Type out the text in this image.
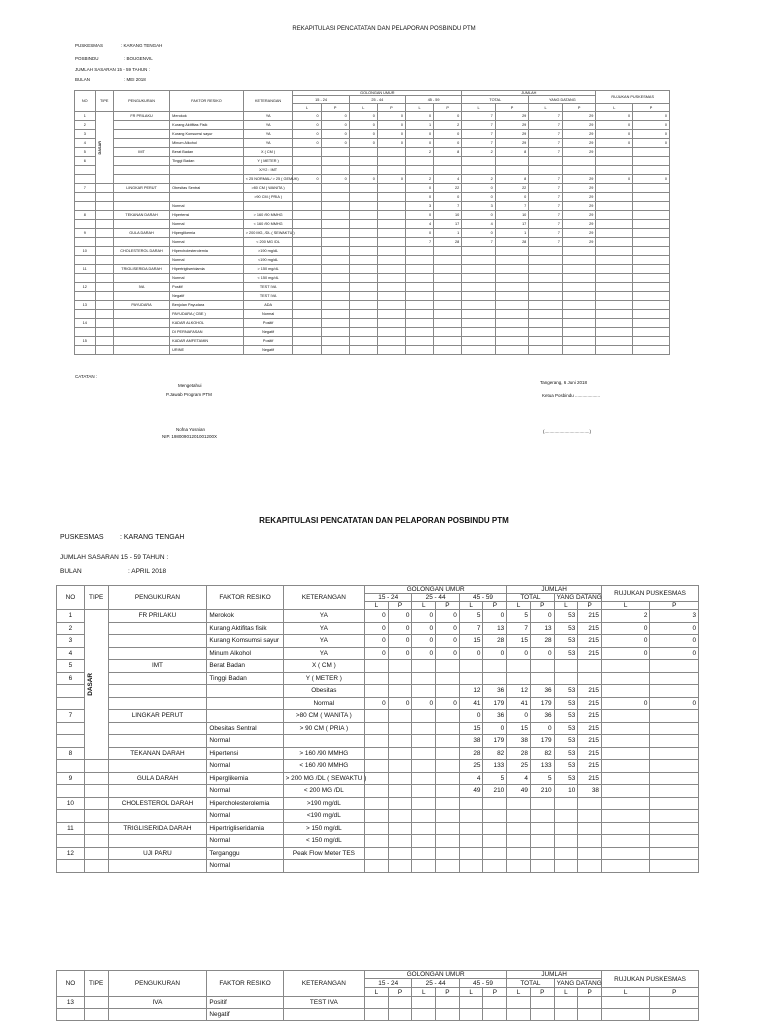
REKAPITULASI PENCATATAN DAN PELAPORAN POSBINDU PTM
PUSKESMAS	: KARANG TENGAH
POSBINDU	: BOUGENVIL
JUMLAH SASARAN 15 - 59 TAHUN :
BULAN	: MEI 2018
NO	TIPE	PENGUKURAN	FAKTOR RESIKO	KETERANGAN	GOLONGAN UMUR						JUMLAH				RUJUKAN PUSKESMAS	
					15 - 24		25 - 44		45 - 59		TOTAL		YANG DATANG			
					L	P	L	P	L	P	L	P	L	P	L	P
1	DASAR	FR PRILAKU	Merokok	YA	0	0	0	0	0	0	7	29	7	29	0	0
2			Kurang Aktifitas Fisik	YA	0	0	0	0	1	2	7	29	7	29	0	0
3			Kurang Konsumsi sayur	YA	0	0	0	0	0	0	7	29	7	29	0	0
4			Minum Alkohol	YA	0	0	0	0	0	0	7	29	7	29	0	0
5		IMT	Berat Badan	X ( CM )					2	8	2	8	7	29		
6			Tinggi Badan	Y ( METER )												
				X/Y2 : IMT												
				< 25 NORMAL/ > 25 ( GEMUK)	0	0	0	0	2	4	2	8	7	29	0	0
7		LINGKAR PERUT	Obesitas Sentral	>80 CM ( WANITA )					0	22	0	22	7	29		
				>90 CM ( PRIA )					0	0	0	0	7	29		
			Normal						3	7	3	7	7	29		
8		TEKANAN DARAH	Hipertensi	> 160 /90 MMHG					0	10	0	10	7	29		
			Normal	< 160 /90 MMHG					4	17	4	17	7	29		
9		GULA DARAH	Hiperglikemia	> 200 MG, /DL ( SEWAKTU )					0	1	0	1	7	29		
			Normal	< 200 MG /DL					7	28	7	28	7	29		
10		CHOLESTEROL DARAH	Hipercholesterolemia	>190 mg/dL												
			Normal	<190 mg/dL												
11		TRIGLISERIDA DARAH	Hipertrigliseridamia	> 150 mg/dL												
			Normal	< 150 mg/dL												
12		IVA	Positif	TEST IVA												
			Negatif	TEST IVA												
13		PAYUDARA	Benjolan Payudara	ADA												
			PAYUDARA ( CBE )	Normal												
14			KADAR ALKOHOL	Positif												
			DI PERNAFASAN	Negatif												
15			KADAR AMFETAMIN	Positif												
			URINE	Negatif												
CATATAN :
Mengetahui
P.Jawab Program PTM
Nofna Yosnian
NIP. 19800901201001200X
Tangerang, 6 Juni 2018
Ketua Posbindu ....................
(....................................)
REKAPITULASI PENCATATAN DAN PELAPORAN POSBINDU PTM
PUSKESMAS : KARANG TENGAH
JUMLAH SASARAN 15 - 59 TAHUN :
BULAN	: APRIL 2018
NO	TIPE	PENGUKURAN	FAKTOR RESIKO	KETERANGAN	GOLONGAN UMUR						JUMLAH				RUJUKAN PUSKESMAS	
					15 - 24		25 - 44		45 - 59		TOTAL		YANG DATANG			
					L	P	L	P	L	P	L	P	L	P	L	P
1	DASAR	FR PRILAKU	Merokok	YA	0	0	0	0	5	0	5	0	53	215	2	3
2			Kurang Aktifitas fisik	YA	0	0	0	0	7	13	7	13	53	215	0	0
3			Kurang Komsumsi sayur	YA	0	0	0	0	15	28	15	28	53	215	0	0
4			Minum Alkohol	YA	0	0	0	0	0	0	0	0	53	215	0	0
5		IMT	Berat Badan	X ( CM )												
6			Tinggi Badan	Y ( METER )												
				Obesitas					12	36	12	36	53	215		
				Normal	0	0	0	0	41	179	41	179	53	215	0	0
7		LINGKAR PERUT		>80 CM ( WANITA )					0	36	0	36	53	215		
			Obesitas Sentral	> 90 CM ( PRIA )					15	0	15	0	53	215		
			Normal						38	179	38	179	53	215		
8		TEKANAN DARAH	Hipertensi	> 160 /90 MMHG					28	82	28	82	53	215		
			Normal	< 160 /90 MMHG					25	133	25	133	53	215		
9		GULA DARAH	Hiperglikemia	> 200 MG /DL ( SEWAKTU )					4	5	4	5	53	215		
			Normal	< 200 MG /DL					49	210	49	210	10	38		
10		CHOLESTEROL DARAH	Hipercholesterolemia	>190 mg/dL												
			Normal	<190 mg/dL												
11		TRIGLISERIDA DARAH	Hipertrigliseridamia	> 150 mg/dL												
			Normal	< 150 mg/dL												
12		UJI PARU	Terganggu	Peak Flow Meter TES												
			Normal													
NO	TIPE	PENGUKURAN	FAKTOR RESIKO	KETERANGAN	GOLONGAN UMUR						JUMLAH				RUJUKAN PUSKESMAS	
					15 - 24		25 - 44		45 - 59		TOTAL		YANG DATANG			
					L	P	L	P	L	P	L	P	L	P	L	P
13		IVA	Positif	TEST IVA												
			Negatif													
